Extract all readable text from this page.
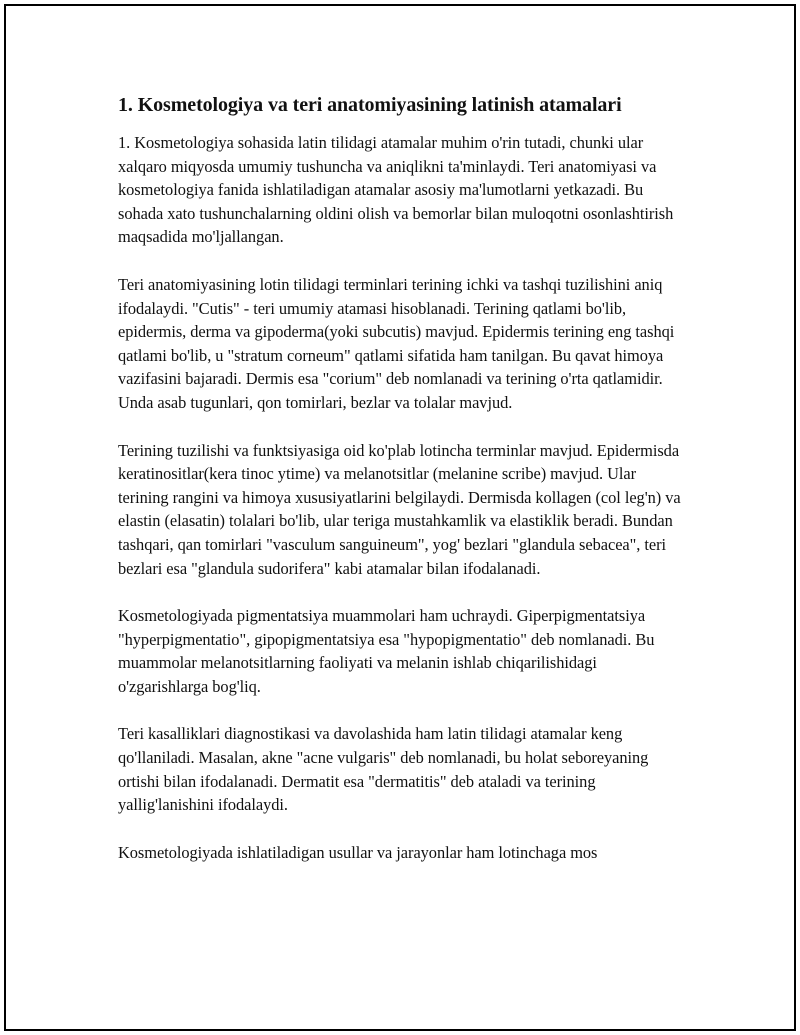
1. Kosmetologiya va teri anatomiyasining latinish atamalari

1. Kosmetologiya sohasida latin tilidagi atamalar muhim o'rin tutadi, chunki ular xalqaro miqyosda umumiy tushuncha va aniqlikni ta'minlaydi. Teri anatomiyasi va kosmetologiya fanida ishlatiladigan atamalar asosiy ma'lumotlarni yetkazadi. Bu sohada xato tushunchalarning oldini olish va bemorlar bilan muloqotni osonlashtirish maqsadida mo'ljallangan.

Teri anatomiyasining lotin tilidagi terminlari terining ichki va tashqi tuzilishini aniq ifodalaydi. "Cutis" - teri umumiy atamasi hisoblanadi. Terining qatlami bo'lib, epidermis, derma va gipoderma(yoki subcutis) mavjud. Epidermis terining eng tashqi qatlami bo'lib, u "stratum corneum" qatlami sifatida ham tanilgan. Bu qavat himoya vazifasini bajaradi. Dermis esa "corium" deb nomlanadi va terining o'rta qatlamidir. Unda asab tugunlari, qon tomirlari, bezlar va tolalar mavjud.

Terining tuzilishi va funktsiyasiga oid ko'plab lotincha terminlar mavjud. Epidermisda keratinositlar(kera tinoc ytime) va melanotsitlar (melanine scribe) mavjud. Ular terining rangini va himoya xususiyatlarini belgilaydi. Dermisda kollagen (col leg'n) va elastin (elasatin) tolalari bo'lib, ular teriga mustahkamlik va elastiklik beradi. Bundan tashqari, qan tomirlari "vasculum sanguineum", yog' bezlari "glandula sebacea", teri bezlari esa "glandula sudorifera" kabi atamalar bilan ifodalanadi.

Kosmetologiyada pigmentatsiya muammolari ham uchraydi. Giperpigmentatsiya "hyperpigmentatio", gipopigmentatsiya esa "hypopigmentatio" deb nomlanadi. Bu muammolar melanotsitlarning faoliyati va melanin ishlab chiqarilishidagi o'zgarishlarga bog'liq.

Teri kasalliklari diagnostikasi va davolashida ham latin tilidagi atamalar keng qo'llaniladi. Masalan, akne "acne vulgaris" deb nomlanadi, bu holat seboreyaning ortishi bilan ifodalanadi. Dermatit esa "dermatitis" deb ataladi va terining yallig'lanishini ifodalaydi.

Kosmetologiyada ishlatiladigan usullar va jarayonlar ham lotinchaga mos
